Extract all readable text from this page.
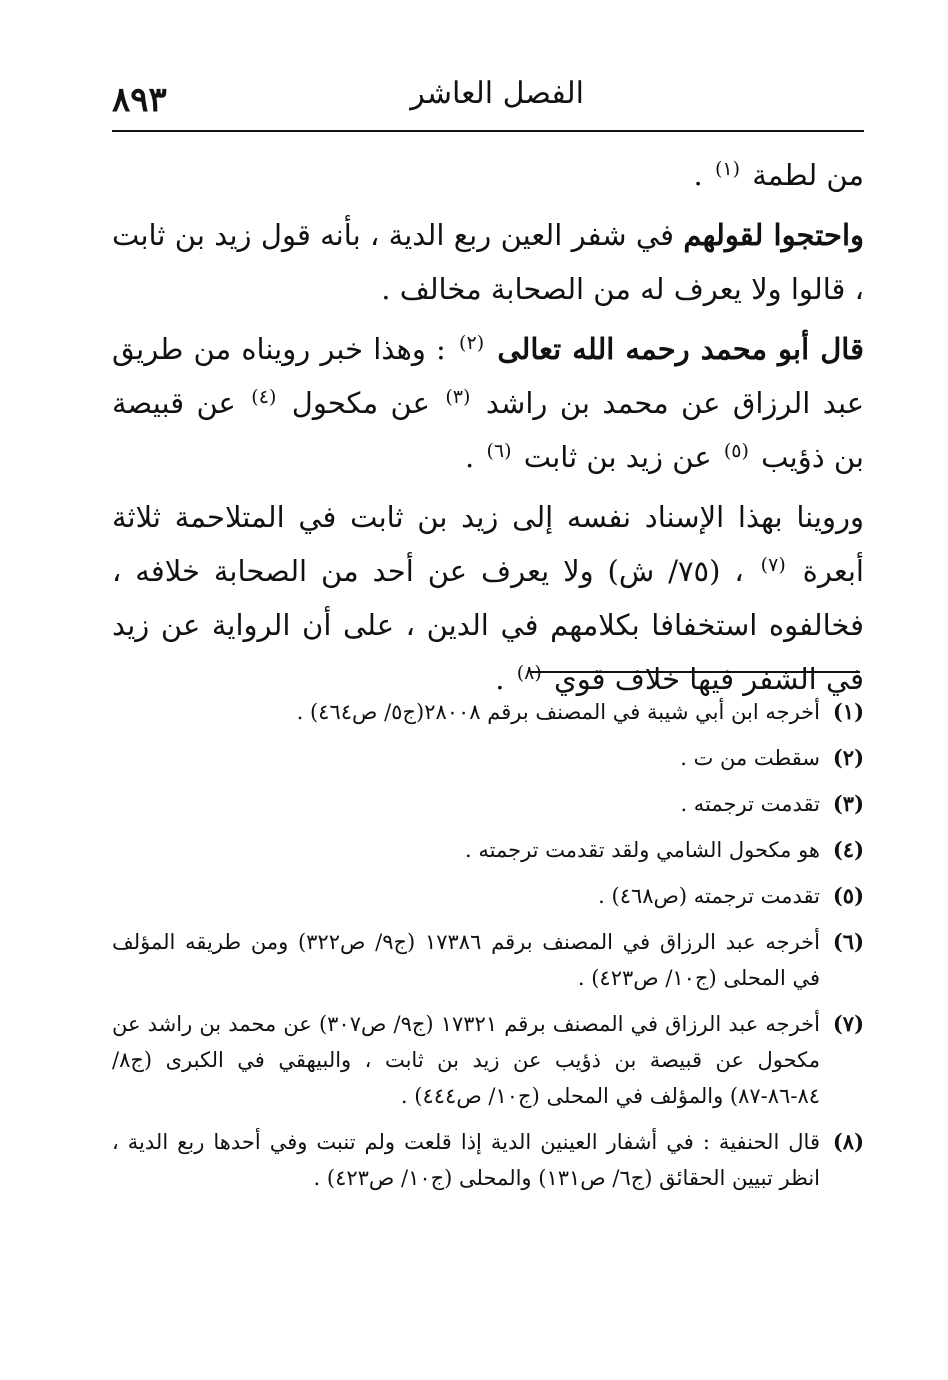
٨٩٣	الفصل العاشر

من لطمة $^{(١)}$ .

واحتجوا لقولهم في شفر العين ربع الدية ، بأنه قول زيد بن ثابت ، قالوا ولا يعرف له من الصحابة مخالف .

قال أبو محمد رحمه الله تعالى $^{(٢)}$ : وهذا خبر رويناه من طريق عبد الرزاق عن محمد بن راشد $^{(٣)}$ عن مكحول $^{(٤)}$ عن قبيصة بن ذؤيب $^{(٥)}$ عن زيد بن ثابت $^{(٦)}$ .

وروينا بهذا الإسناد نفسه إلى زيد بن ثابت في المتلاحمة ثلاثة أبعرة $^{(٧)}$ ، (٧٥/ ش) ولا يعرف عن أحد من الصحابة خلافه ، فخالفوه استخفافا بكلامهم في الدين ، على أن الرواية عن زيد في الشفر فيها خلاف قوي $^{(٨)}$ .

(١)
أخرجه ابن أبي شيبة في المصنف برقم ٢٨٠٠٨(ج٥/ ص٤٦٤) .
(٢)
سقطت من ت .
(٣)
تقدمت ترجمته .
(٤)
هو مكحول الشامي ولقد تقدمت ترجمته .
(٥)
تقدمت ترجمته (ص٤٦٨) .
(٦)
أخرجه عبد الرزاق في المصنف برقم ١٧٣٨٦ (ج٩/ ص٣٢٢) ومن طريقه المؤلف في المحلى (ج١٠/ ص٤٢٣) .
(٧)
أخرجه عبد الرزاق في المصنف برقم ١٧٣٢١ (ج٩/ ص٣٠٧) عن محمد بن راشد عن مكحول عن قبيصة بن ذؤيب عن زيد بن ثابت ، والبيهقي في الكبرى (ج٨/ ٨٤-٨٦-٨٧) والمؤلف في المحلى (ج١٠/ ص٤٤٤) .
(٨)
قال الحنفية : في أشفار العينين الدية إذا قلعت ولم تنبت وفي أحدها ربع الدية ، انظر تبيين الحقائق (ج٦/ ص١٣١) والمحلى (ج١٠/ ص٤٢٣) .
